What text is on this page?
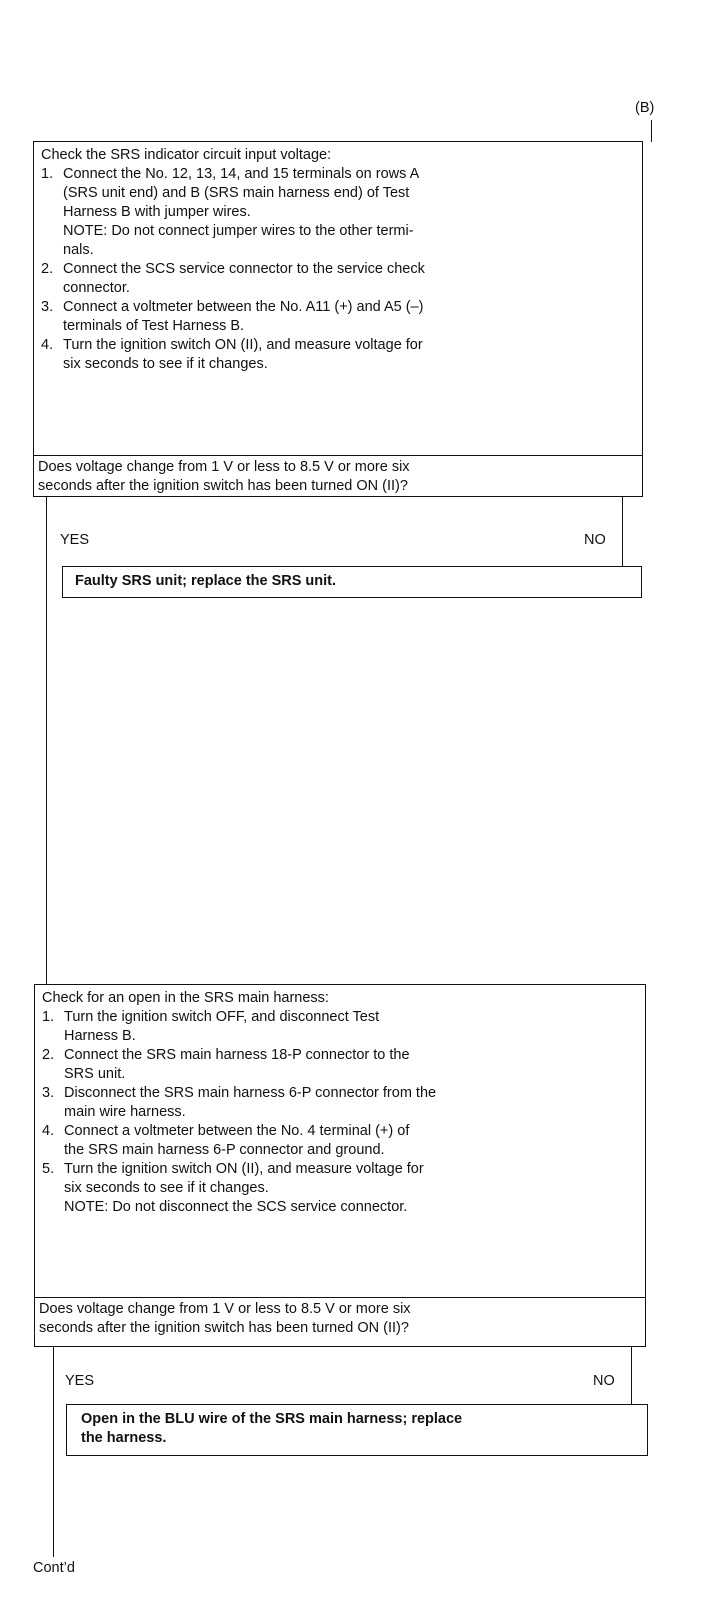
(B)
Check the SRS indicator circuit input voltage:
1. Connect the No. 12, 13, 14, and 15 terminals on rows A
(SRS unit end) and B (SRS main harness end) of Test
Harness B with jumper wires.
NOTE: Do not connect jumper wires to the other termi-
nals.
2. Connect the SCS service connector to the service check
connector.
3. Connect a voltmeter between the No. A11 (+) and A5 (–)
terminals of Test Harness B.
4. Turn the ignition switch ON (II), and measure voltage for
six seconds to see if it changes.
Does voltage change from 1 V or less to 8.5 V or more six
seconds after the ignition switch has been turned ON (II)?
YES	NO
Faulty SRS unit; replace the SRS unit.
Check for an open in the SRS main harness:
1. Turn the ignition switch OFF, and disconnect Test
Harness B.
2. Connect the SRS main harness 18-P connector to the
SRS unit.
3. Disconnect the SRS main harness 6-P connector from the
main wire harness.
4. Connect a voltmeter between the No. 4 terminal (+) of
the SRS main harness 6-P connector and ground.
5. Turn the ignition switch ON (II), and measure voltage for
six seconds to see if it changes.
NOTE: Do not disconnect the SCS service connector.
Does voltage change from 1 V or less to 8.5 V or more six
seconds after the ignition switch has been turned ON (II)?
YES	NO
Open in the BLU wire of the SRS main harness; replace
the harness.
Cont’d
